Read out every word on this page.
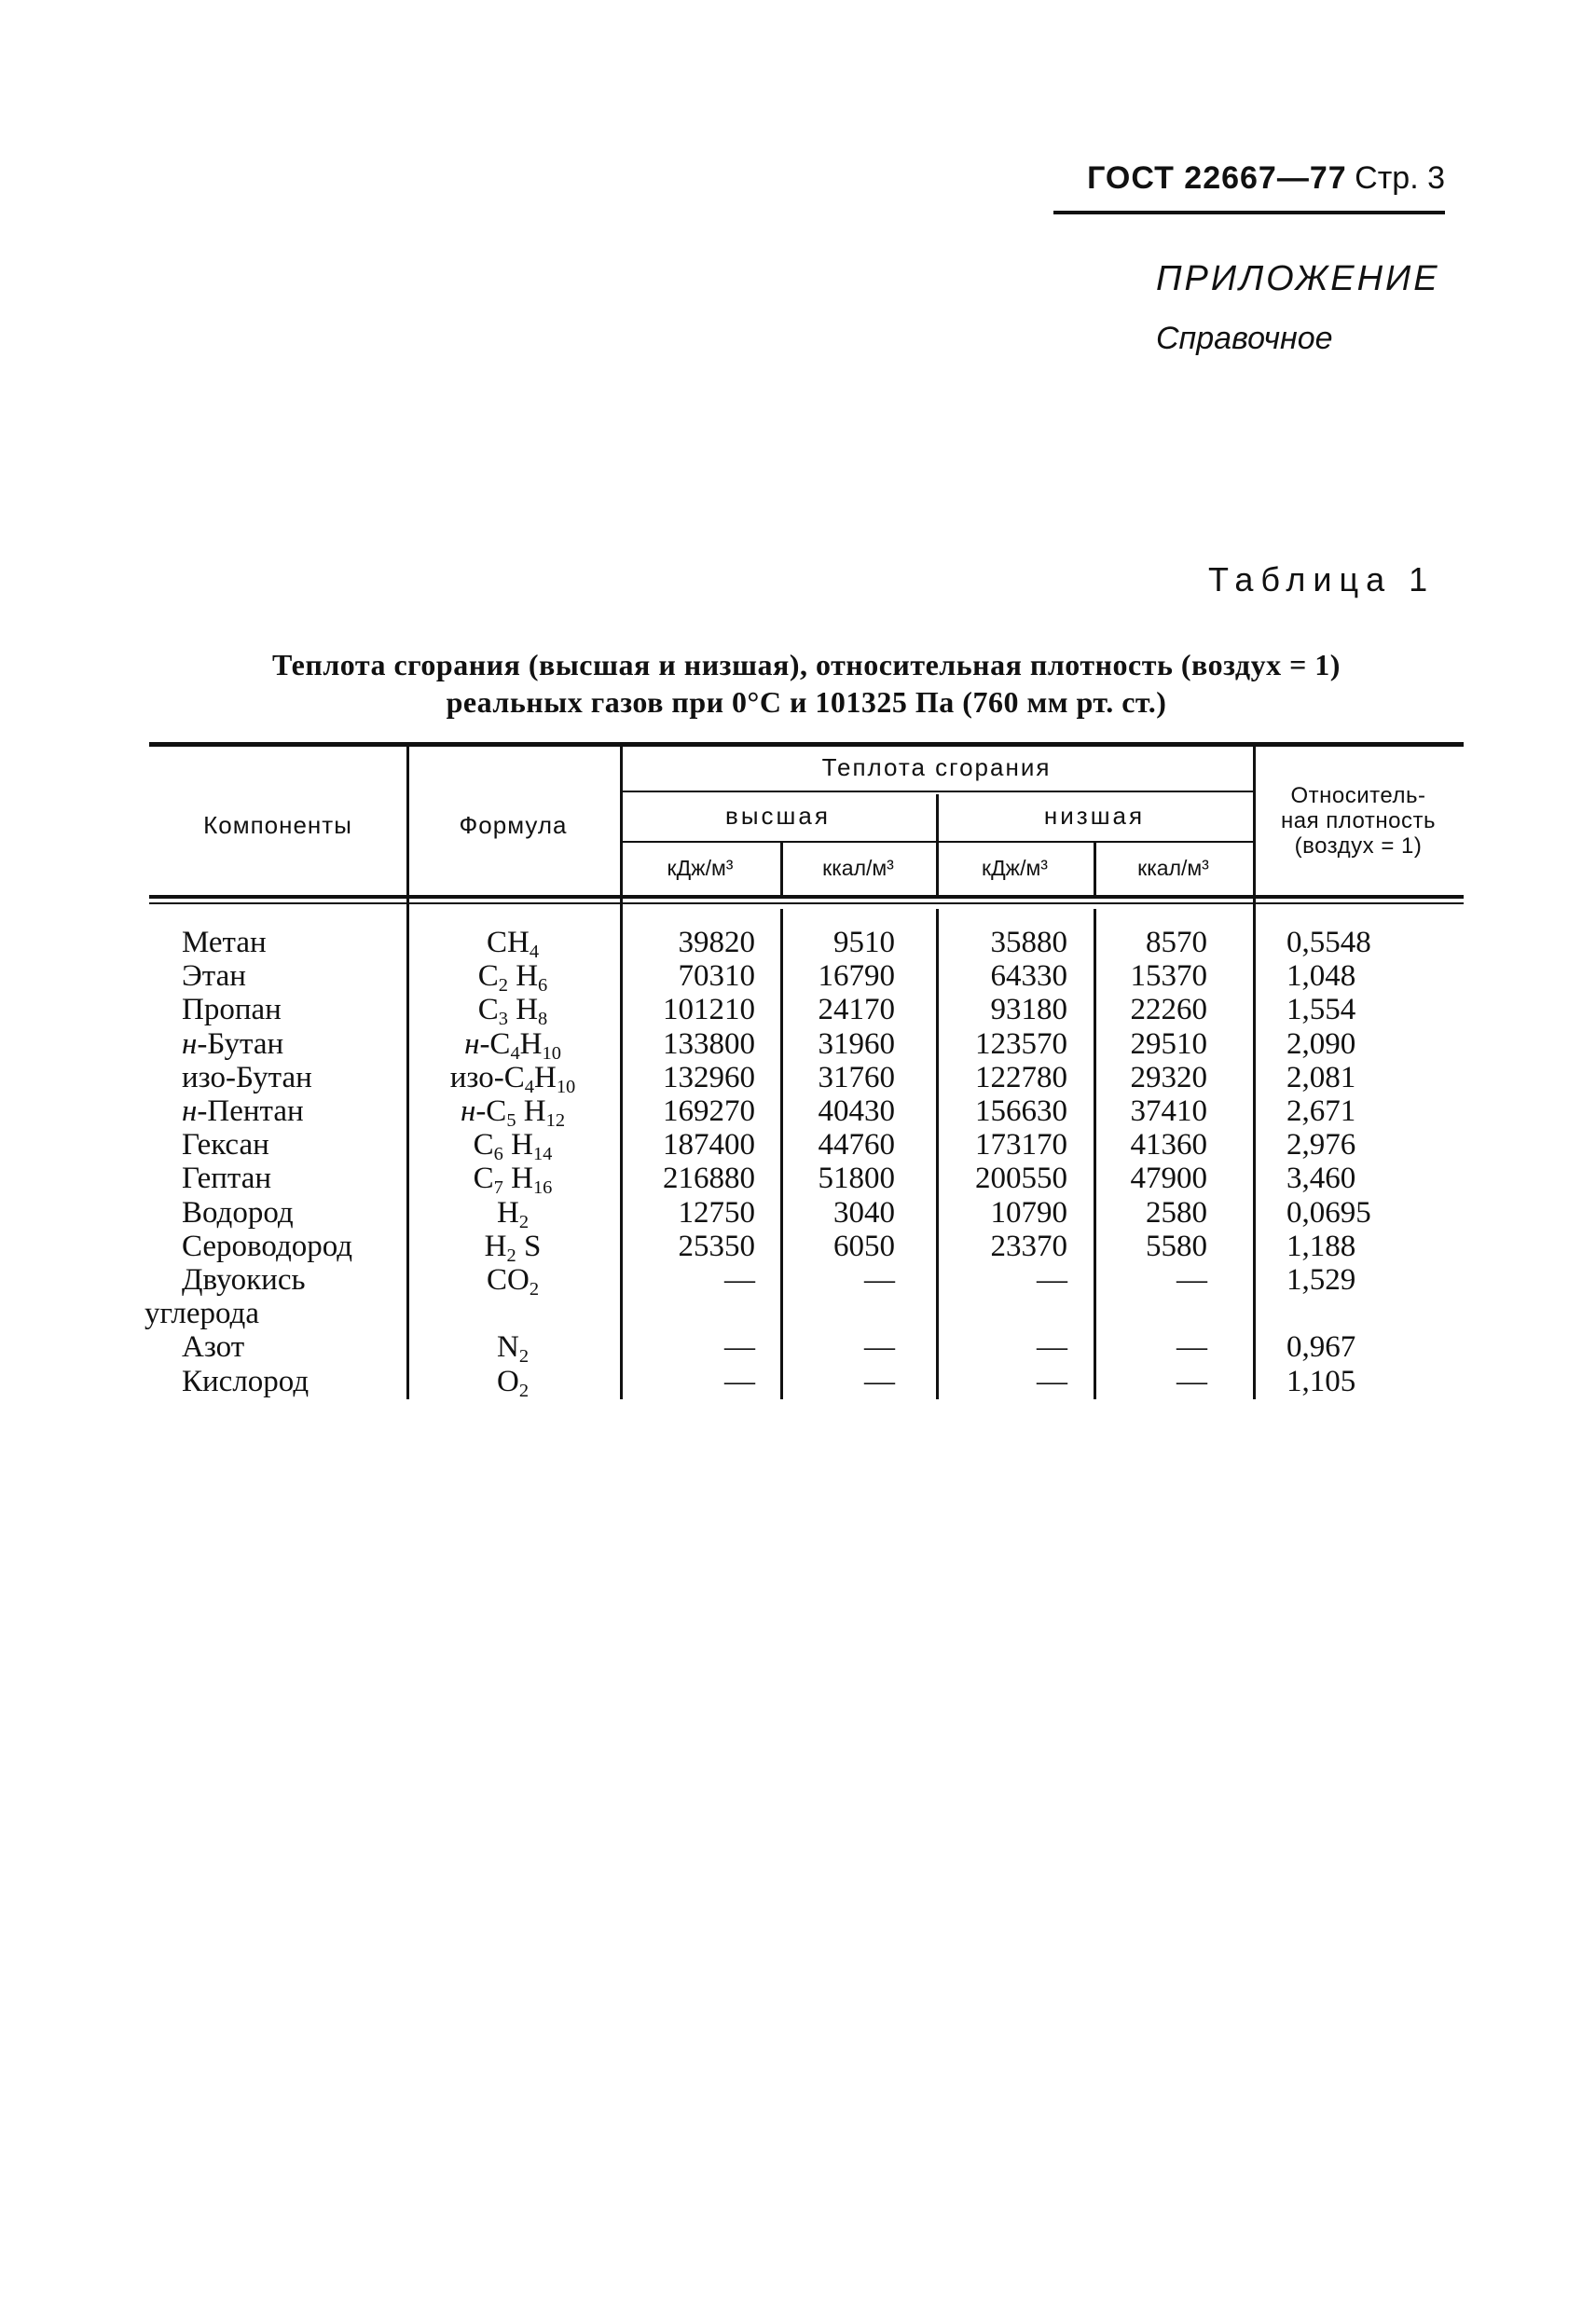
ГОСТ 22667—77 Стр. 3
ПРИЛОЖЕНИЕ
Справочное
Таблица 1
Теплота сгорания (высшая и низшая), относительная плотность (воздух = 1)
реальных газов при 0°C и 101325 Па (760 мм рт. ст.)
Компоненты	Формула
Теплота сгорания
высшая	низшая
кДж/м³	ккал/м³	кДж/м³	ккал/м³
Относитель-
ная плотность
(воздух = 1)
Метан	$CH_4$	39820	9510	35880	8570	0,5548
Этан	$C_2$ $H_6$	70310	16790	64330	15370	1,048
Пропан	$C_3$ $H_8$	101210	24170	93180	22260	1,554
н-Бутан	$н-C_4H_{10}$	133800	31960	123570	29510	2,090
изо-Бутан	изо-$C_4H_{10}$	132960	31760	122780	29320	2,081
н-Пентан	$н-C_5$ $H_{12}$	169270	40430	156630	37410	2,671
Гексан	$C_6$ $H_{14}$	187400	44760	173170	41360	2,976
Гептан	$C_7$ $H_{16}$	216880	51800	200550	47900	3,460
Водород	$H_2$	12750	3040	10790	2580	0,0695
Сероводород	$H_2$ S	25350	6050	23370	5580	1,188
Двуокись	$CO_2$	—	—	—	—	1,529
углерода
Азот	$N_2$	—	—	—	—	0,967
Кислород	$O_2$	—	—	—	—	1,105
